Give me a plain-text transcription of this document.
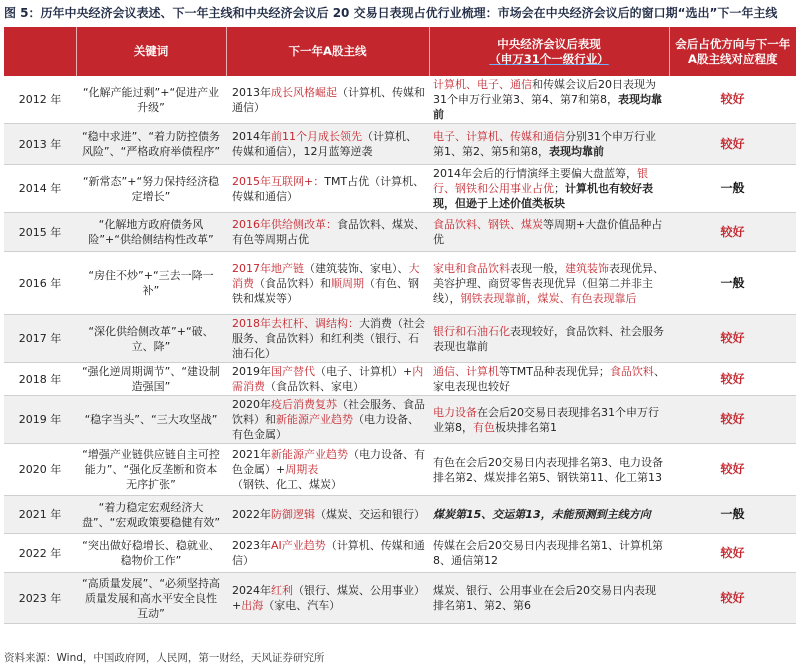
图 5：历年中央经济会议表述、下一年主线和中央经济会议后 20 交易日表现占优行业梳理：市场会在中央经济会议后的窗口期“选出”下一年主线
	关键词	下一年A股主线	中央经济会议后表现
（申万31个一级行业）	会后占优方向与下一年A股主线对应程度
2012 年	“化解产能过剩”+“促进产业升级”	2013年成长风格崛起（计算机、传媒和通信）	计算机、电子、通信和传媒会议后20日表现为31个申万行业第3、第4、第7和第8，表现均靠前	较好
2013 年	“稳中求进”、“着力防控债务风险”、“严格政府举债程序”	2014年前11个月成长领先（计算机、传媒和通信），12月蓝筹逆袭	电子、计算机、传媒和通信分别31个申万行业第1、第2、第5和第8，表现均靠前	较好
2014 年	“新常态”+“努力保持经济稳定增长”	2015年互联网+：TMT占优（计算机、传媒和通信）	2014年会后的行情演绎主要偏大盘蓝筹，银行、钢铁和公用事业占优；计算机也有较好表现，但逊于上述价值类板块	一般
2015 年	“化解地方政府债务风险”+“供给侧结构性改革”	2016年供给侧改革：食品饮料、煤炭、有色等周期占优	食品饮料、钢铁、煤炭等周期+大盘价值品种占优	较好
2016 年	“房住不炒”+“三去一降一补”	2017年地产链（建筑装饰、家电）、大消费（食品饮料）和顺周期（有色、钢铁和煤炭等）	家电和食品饮料表现一般，建筑装饰表现优异、美容护理、商贸零售表现优异（但第二并非主线），钢铁表现靠前，煤炭、有色表现靠后	一般
2017 年	“深化供给侧改革”+“破、立、降”	2018年去杠杆、调结构：大消费（社会服务、食品饮料）和红利类（银行、石油石化）	银行和石油石化表现较好，食品饮料、社会服务表现也靠前	较好
2018 年	“强化逆周期调节”、“建设制造强国”	2019年国产替代（电子、计算机）+内需消费（食品饮料、家电）	通信、计算机等TMT品种表现优异；食品饮料、家电表现也较好	较好
2019 年	“稳字当头”、“三大攻坚战”	2020年疫后消费复苏（社会服务、食品饮料）和新能源产业趋势（电力设备、有色金属）	电力设备在会后20交易日表现排名31个申万行业第8，有色板块排名第1	较好
2020 年	“增强产业链供应链自主可控能力”、“强化反垄断和资本无序扩张”	2021年新能源产业趋势（电力设备、有色金属）+周期表（钢铁、化工、煤炭）	有色在会后20交易日内表现排名第3、电力设备排名第2、煤炭排名第5、钢铁第11、化工第13	较好
2021 年	“着力稳定宏观经济大盘”、“宏观政策要稳健有效”	2022年防御逻辑（煤炭、交运和银行）	煤炭第15、交运第13，未能预测到主线方向	一般
2022 年	“突出做好稳增长、稳就业、稳物价工作”	2023年AI产业趋势（计算机、传媒和通信）	传媒在会后20交易日内表现排名第1、计算机第8、通信第12	较好
2023 年	“高质量发展”、“必须坚持高质量发展和高水平安全良性互动”	2024年红利（银行、煤炭、公用事业）+出海（家电、汽车）	煤炭、银行、公用事业在会后20交易日内表现排名第1、第2、第6	较好
资料来源：Wind，中国政府网，人民网，第一财经，天风证券研究所
